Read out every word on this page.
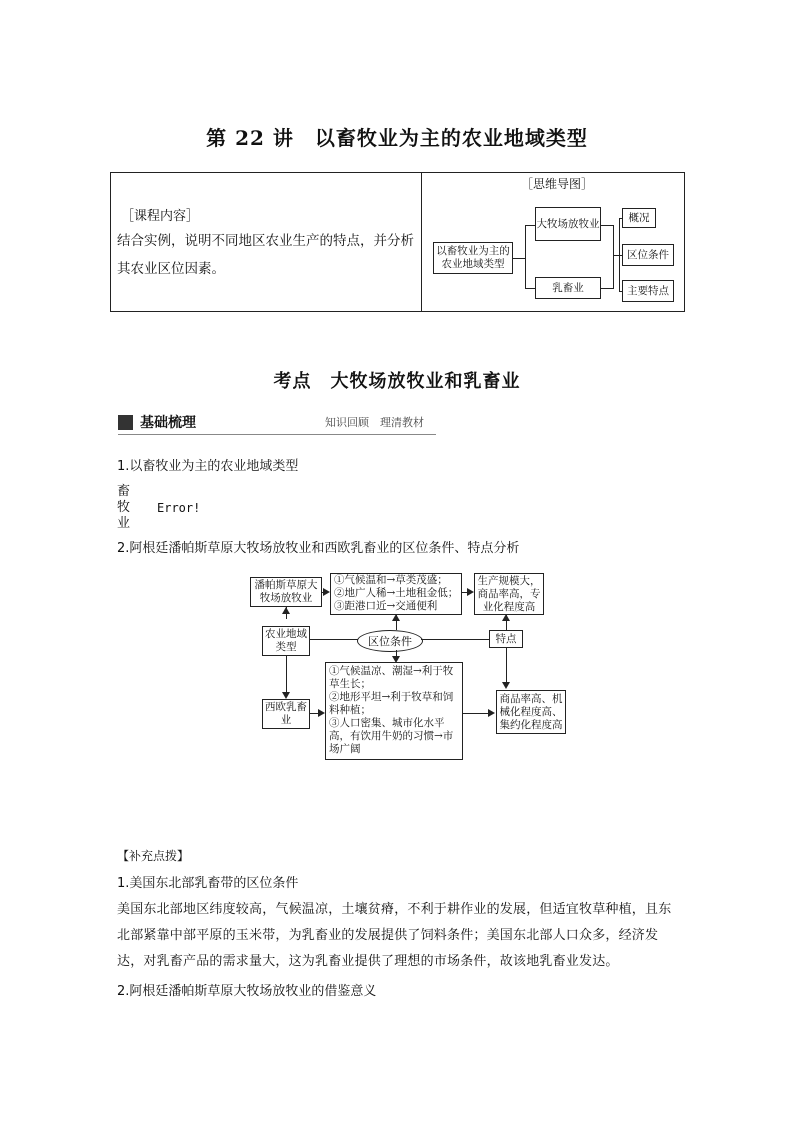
第 22 讲　以畜牧业为主的农业地域类型
［课程内容］
结合实例，说明不同地区农业生产的特点，并分析其农业区位因素。
［思维导图］
以畜牧业为主的农业地域类型
大牧场放牧业
乳畜业
概况
区位条件
主要特点
考点　大牧场放牧业和乳畜业
基础梳理	知识回顾　理清教材
1.以畜牧业为主的农业地域类型
畜
牧
业
Error!
2.阿根廷潘帕斯草原大牧场放牧业和西欧乳畜业的区位条件、特点分析
潘帕斯草原大牧场放牧业
①气候温和→草类茂盛；
②地广人稀→土地租金低；
③距港口近→交通便利
生产规模大，商品率高，专业化程度高
农业地域类型	区位条件	特点
西欧乳畜业
①气候温凉、潮湿→利于牧草生长；
②地形平坦→利于牧草和饲料种植；
③人口密集、城市化水平高，有饮用牛奶的习惯→市场广阔
商品率高、机械化程度高、集约化程度高
【补充点拨】
1.美国东北部乳畜带的区位条件
美国东北部地区纬度较高，气候温凉，土壤贫瘠，不利于耕作业的发展，但适宜牧草种植，且东北部紧靠中部平原的玉米带，为乳畜业的发展提供了饲料条件；美国东北部人口众多，经济发达，对乳畜产品的需求量大，这为乳畜业提供了理想的市场条件，故该地乳畜业发达。
2.阿根廷潘帕斯草原大牧场放牧业的借鉴意义
